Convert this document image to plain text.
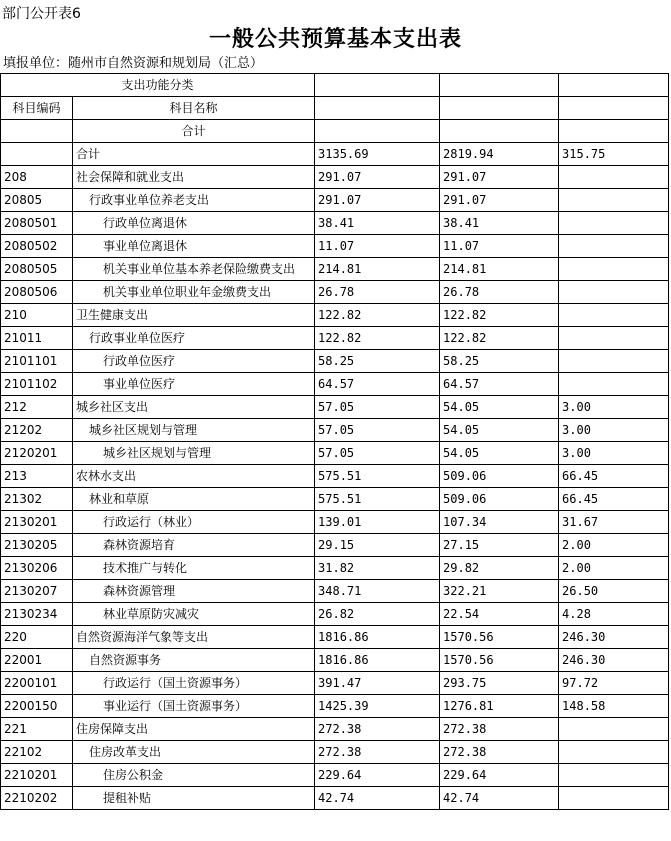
部门公开表6
一般公共预算基本支出表
填报单位：随州市自然资源和规划局（汇总）
支出功能分类				
科目编码	科目名称			
	合计			
	合计	3135.69	2819.94	315.75
208	社会保障和就业支出	291.07	291.07	
20805	行政事业单位养老支出	291.07	291.07	
2080501	行政单位离退休	38.41	38.41	
2080502	事业单位离退休	11.07	11.07	
2080505	机关事业单位基本养老保险缴费支出	214.81	214.81	
2080506	机关事业单位职业年金缴费支出	26.78	26.78	
210	卫生健康支出	122.82	122.82	
21011	行政事业单位医疗	122.82	122.82	
2101101	行政单位医疗	58.25	58.25	
2101102	事业单位医疗	64.57	64.57	
212	城乡社区支出	57.05	54.05	3.00
21202	城乡社区规划与管理	57.05	54.05	3.00
2120201	城乡社区规划与管理	57.05	54.05	3.00
213	农林水支出	575.51	509.06	66.45
21302	林业和草原	575.51	509.06	66.45
2130201	行政运行（林业）	139.01	107.34	31.67
2130205	森林资源培育	29.15	27.15	2.00
2130206	技术推广与转化	31.82	29.82	2.00
2130207	森林资源管理	348.71	322.21	26.50
2130234	林业草原防灾减灾	26.82	22.54	4.28
220	自然资源海洋气象等支出	1816.86	1570.56	246.30
22001	自然资源事务	1816.86	1570.56	246.30
2200101	行政运行（国土资源事务）	391.47	293.75	97.72
2200150	事业运行（国土资源事务）	1425.39	1276.81	148.58
221	住房保障支出	272.38	272.38	
22102	住房改革支出	272.38	272.38	
2210201	住房公积金	229.64	229.64	
2210202	提租补贴	42.74	42.74	
